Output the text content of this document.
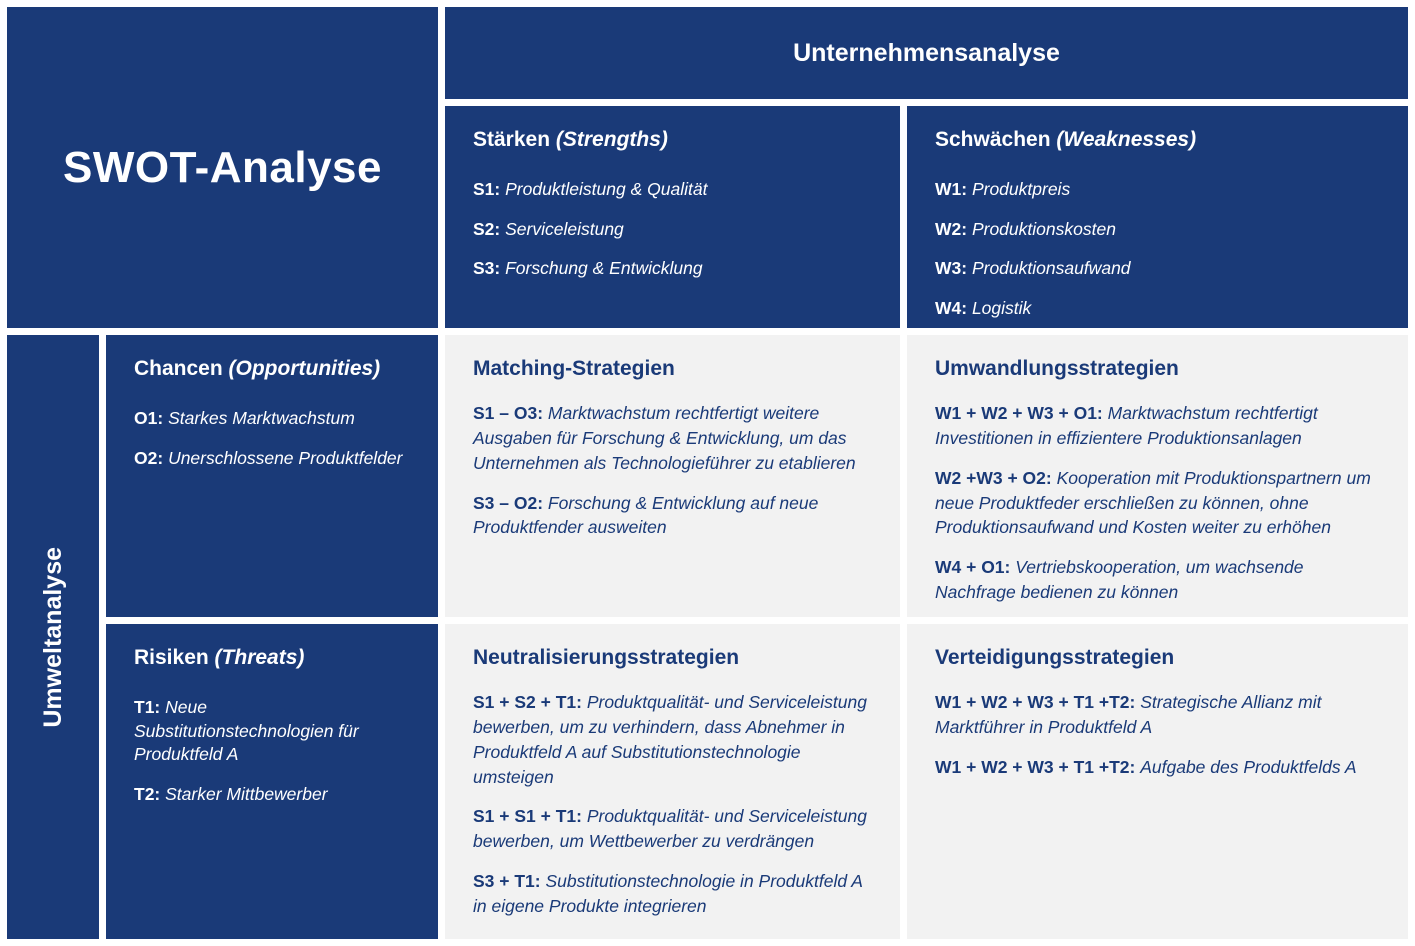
SWOT-Analyse
Unternehmensanalyse
Stärken (Strengths)

S1: Produktleistung & Qualität

S2: Serviceleistung

S3: Forschung & Entwicklung

Schwächen (Weaknesses)

W1: Produktpreis

W2: Produktionskosten

W3: Produktionsaufwand

W4: Logistik

Umweltanalyse
Chancen (Opportunities)

O1: Starkes Marktwachstum

O2: Unerschlossene Produktfelder

Matching-Strategien

S1 – O3: Marktwachstum rechtfertigt weitere Ausgaben für Forschung & Entwicklung, um das Unternehmen als Technologieführer zu etablieren

S3 – O2: Forschung & Entwicklung auf neue Produktfender ausweiten

Umwandlungsstrategien

W1 + W2 + W3 + O1: Marktwachstum rechtfertigt Investitionen in effizientere Produktionsanlagen

W2 +W3 + O2: Kooperation mit Produktionspartnern um neue Produktfeder erschließen zu können, ohne Produktionsaufwand und Kosten weiter zu erhöhen

W4 + O1: Vertriebskooperation, um wachsende Nachfrage bedienen zu können

Risiken (Threats)

T1: Neue Substitutionstechnologien für Produktfeld A

T2: Starker Mittbewerber

Neutralisierungsstrategien

S1 + S2 + T1: Produktqualität- und Serviceleistung bewerben, um zu verhindern, dass Abnehmer in Produktfeld A auf Substitutionstechnologie umsteigen

S1 + S1 + T1: Produktqualität- und Serviceleistung bewerben, um Wettbewerber zu verdrängen

S3 + T1: Substitutionstechnologie in Produktfeld A in eigene Produkte integrieren

Verteidigungsstrategien

W1 + W2 + W3 + T1 +T2: Strategische Allianz mit Marktführer in Produktfeld A

W1 + W2 + W3 + T1 +T2: Aufgabe des Produktfelds A
